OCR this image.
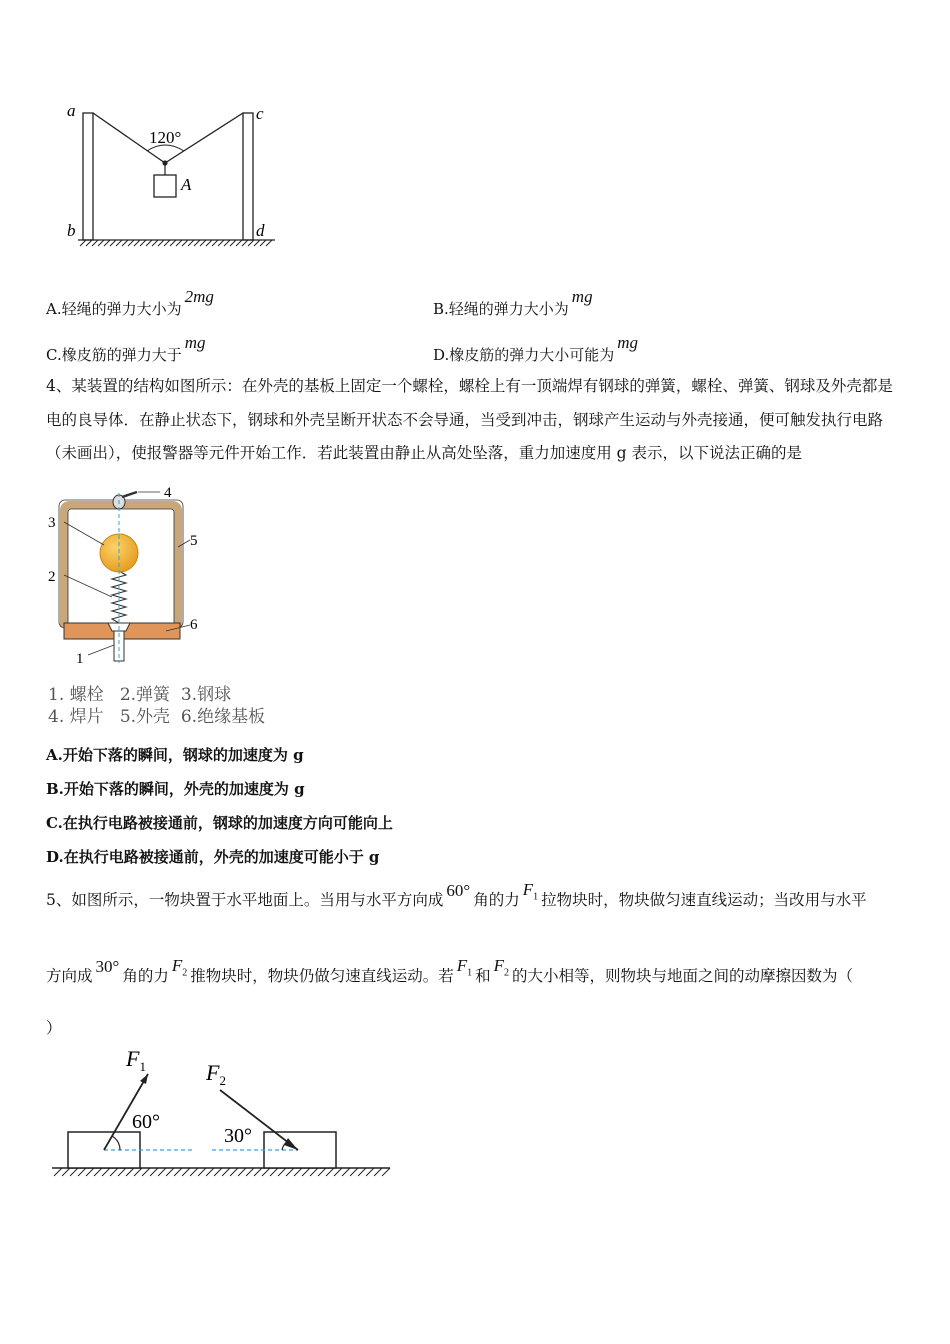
a
b
c
d
120°
A
A.轻绳的弹力大小为2mg
B.轻绳的弹力大小为mg
C.橡皮筋的弹力大于mg
D.橡皮筋的弹力大小可能为mg
4、某装置的结构如图所示：在外壳的基板上固定一个螺栓，螺栓上有一顶端焊有钢球的弹簧，螺栓、弹簧、钢球及外壳都是电的良导体．在静止状态下，钢球和外壳呈断开状态不会导通，当受到冲击，钢球产生运动与外壳接通，便可触发执行电路（未画出），使报警器等元件开始工作．若此装置由静止从高处坠落，重力加速度用 g 表示，以下说法正确的是
4
3
5
2
6
1
1. 螺栓   2.弹簧  3.钢球
4. 焊片   5.外壳  6.绝缘基板
A.开始下落的瞬间，钢球的加速度为 g
B.开始下落的瞬间，外壳的加速度为 g
C.在执行电路被接通前，钢球的加速度方向可能向上
D.在执行电路被接通前，外壳的加速度可能小于 g
5、如图所示，一物块置于水平地面上。当用与水平方向成 60° 角的力$F_1$ 拉物块时，物块做匀速直线运动；当改用与水平
方向成 30° 角的力$F_2$ 推物块时，物块仍做匀速直线运动。若$F_1$ 和$F_2$ 的大小相等，则物块与地面之间的动摩擦因数为（
）
$F_1$
60°
$F_2$
30°
